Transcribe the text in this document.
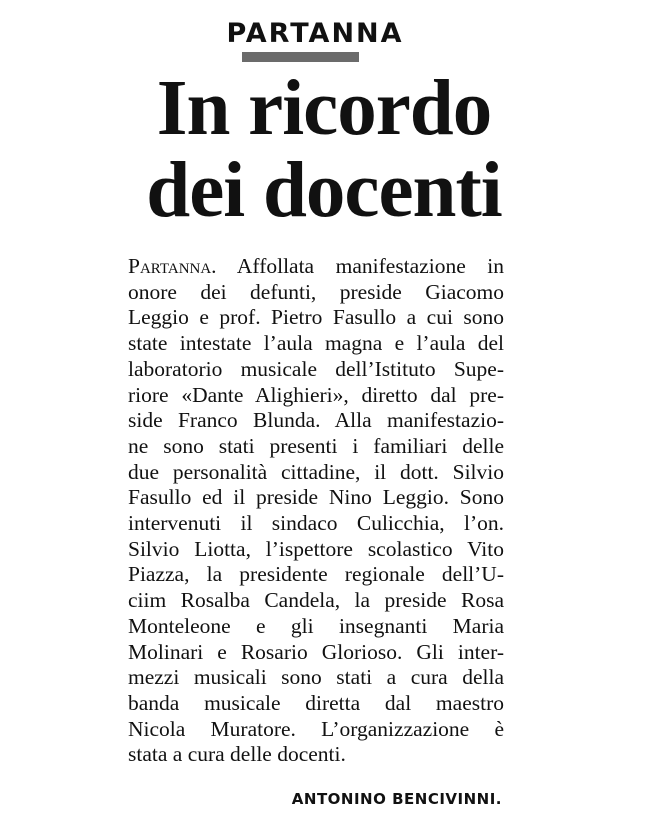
PARTANNA
In ricordo
dei docenti
Partanna. Affollata manifestazione in
onore dei defunti, preside Giacomo
Leggio e prof. Pietro Fasullo a cui sono
state intestate l’aula magna e l’aula del
laboratorio musicale dell’Istituto Supe-
riore «Dante Alighieri», diretto dal pre-
side Franco Blunda. Alla manifestazio-
ne sono stati presenti i familiari delle
due personalità cittadine, il dott. Silvio
Fasullo ed il preside Nino Leggio. Sono
intervenuti il sindaco Culicchia, l’on.
Silvio Liotta, l’ispettore scolastico Vito
Piazza, la presidente regionale dell’U-
ciim Rosalba Candela, la preside Rosa
Monteleone e gli insegnanti Maria
Molinari e Rosario Glorioso. Gli inter-
mezzi musicali sono stati a cura della
banda musicale diretta dal maestro
Nicola Muratore. L’organizzazione è
stata a cura delle docenti.
ANTONINO BENCIVINNI.
